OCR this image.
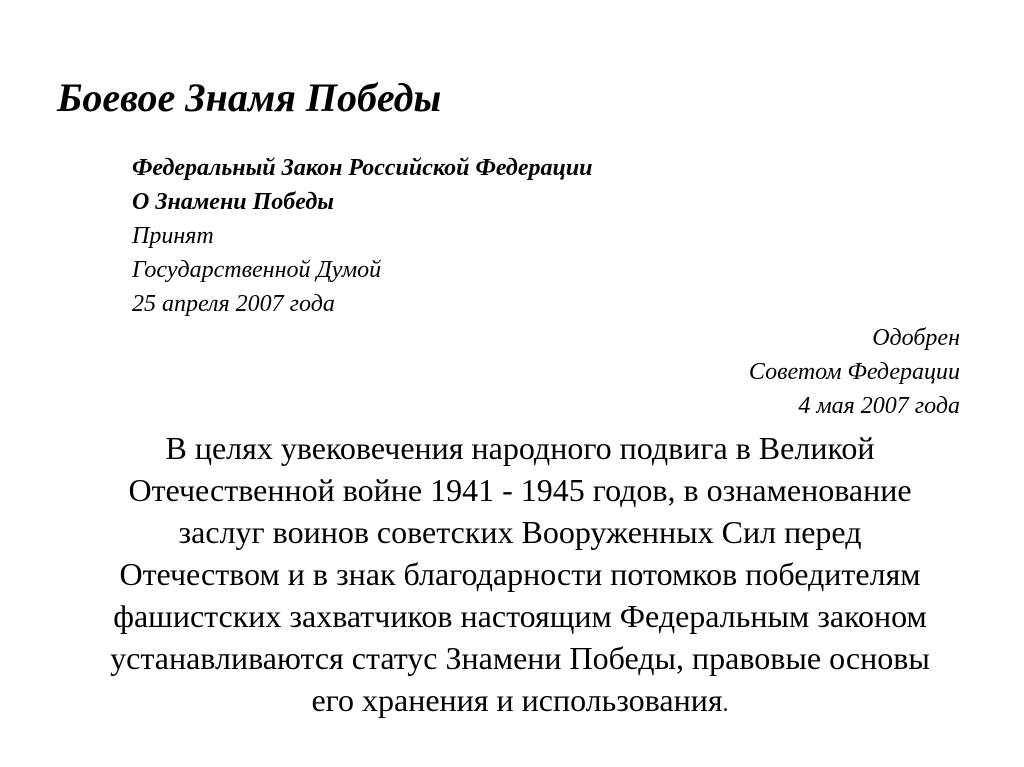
Боевое Знамя Победы
Федеральный Закон Российской Федерации
О Знамени Победы
Принят
Государственной Думой
25 апреля 2007 года
Одобрен
Советом Федерации
4 мая 2007 года
В целях увековечения народного подвига в Великой
Отечественной войне 1941 - 1945 годов, в ознаменование
заслуг воинов советских Вооруженных Сил перед
Отечеством и в знак благодарности потомков победителям
фашистских захватчиков настоящим Федеральным законом
устанавливаются статус Знамени Победы, правовые основы
его хранения и использования.
